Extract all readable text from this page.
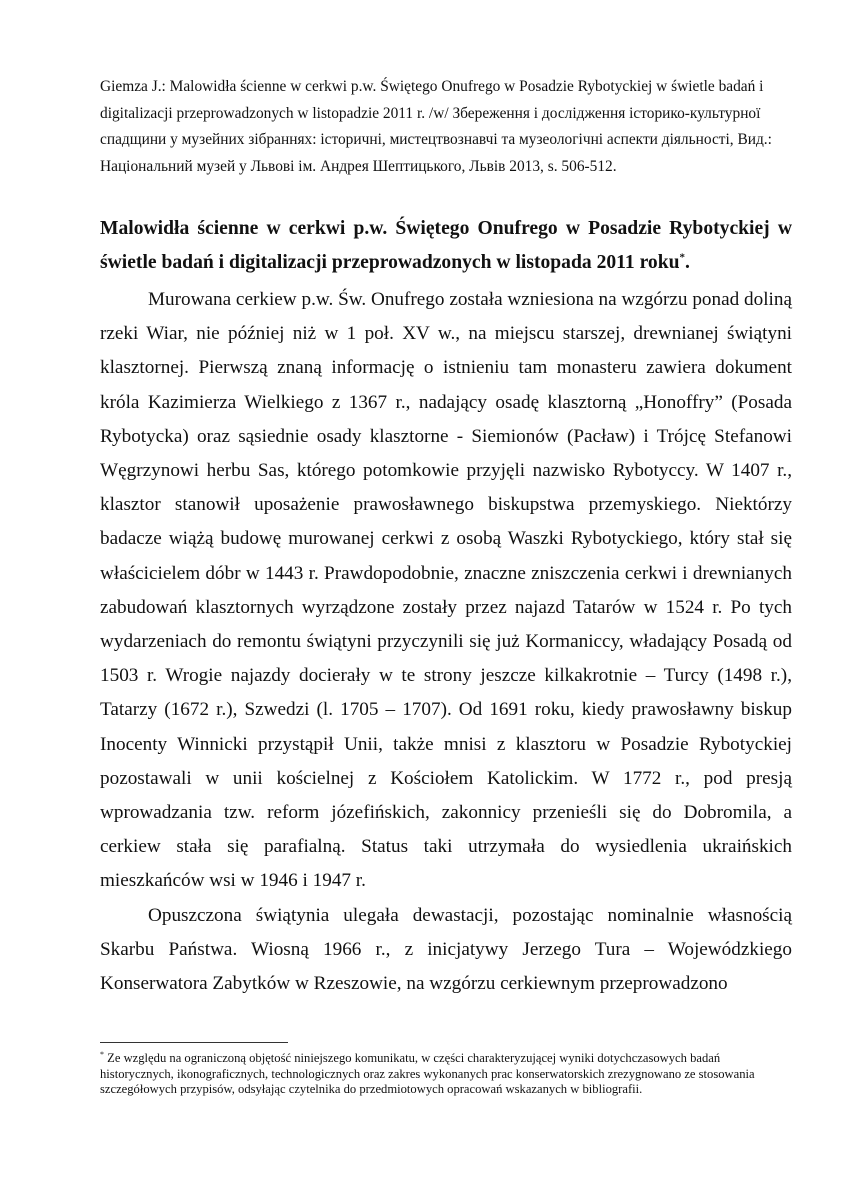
Giemza J.: Malowidła ścienne w cerkwi p.w. Świętego Onufrego w Posadzie Rybotyckiej w świetle badań i digitalizacji przeprowadzonych w listopadzie 2011 r. /w/ Збереження і дослідження історико-культурної спадщини у музейних зібраннях: історичні, мистецтвознавчі та музеологічні аспекти діяльності, Вид.: Національний музей у Львові ім. Андрея Шептицького, Львів 2013, s. 506-512.

Malowidła ścienne w cerkwi p.w. Świętego Onufrego w Posadzie Rybotyckiej w świetle badań i digitalizacji przeprowadzonych w listopada 2011 roku*.

Murowana cerkiew p.w. Św. Onufrego została wzniesiona na wzgórzu ponad doliną rzeki Wiar, nie później niż w 1 poł. XV w., na miejscu starszej, drewnianej świątyni klasztornej. Pierwszą znaną informację o istnieniu tam monasteru zawiera dokument króla Kazimierza Wielkiego z 1367 r., nadający osadę klasztorną „Honoffry” (Posada Rybotycka) oraz sąsiednie osady klasztorne - Siemionów (Pacław) i Trójcę Stefanowi Węgrzynowi herbu Sas, którego potomkowie przyjęli nazwisko Rybotyccy. W 1407 r., klasztor stanowił uposażenie prawosławnego biskupstwa przemyskiego. Niektórzy badacze wiążą budowę murowanej cerkwi z osobą Waszki Rybotyckiego, który stał się właścicielem dóbr w 1443 r. Prawdopodobnie, znaczne zniszczenia cerkwi i drewnianych zabudowań klasztornych wyrządzone zostały przez najazd Tatarów w 1524 r. Po tych wydarzeniach do remontu świątyni przyczynili się już Kormaniccy, władający Posadą od 1503 r. Wrogie najazdy docierały w te strony jeszcze kilkakrotnie – Turcy (1498 r.), Tatarzy (1672 r.), Szwedzi (l. 1705 – 1707). Od 1691 roku, kiedy prawosławny biskup Inocenty Winnicki przystąpił Unii, także mnisi z klasztoru w Posadzie Rybotyckiej pozostawali w unii kościelnej z Kościołem Katolickim. W 1772 r., pod presją wprowadzania tzw. reform józefińskich, zakonnicy przenieśli się do Dobromila, a cerkiew stała się parafialną. Status taki utrzymała do wysiedlenia ukraińskich mieszkańców wsi w 1946 i 1947 r.

Opuszczona świątynia ulegała dewastacji, pozostając nominalnie własnością Skarbu Państwa. Wiosną 1966 r., z inicjatywy Jerzego Tura – Wojewódzkiego Konserwatora Zabytków w Rzeszowie, na wzgórzu cerkiewnym przeprowadzono

* Ze względu na ograniczoną objętość niniejszego komunikatu, w części charakteryzującej wyniki dotychczasowych badań historycznych, ikonograficznych, technologicznych oraz zakres wykonanych prac konserwatorskich zrezygnowano ze stosowania szczegółowych przypisów, odsyłając czytelnika do przedmiotowych opracowań wskazanych w bibliografii.
